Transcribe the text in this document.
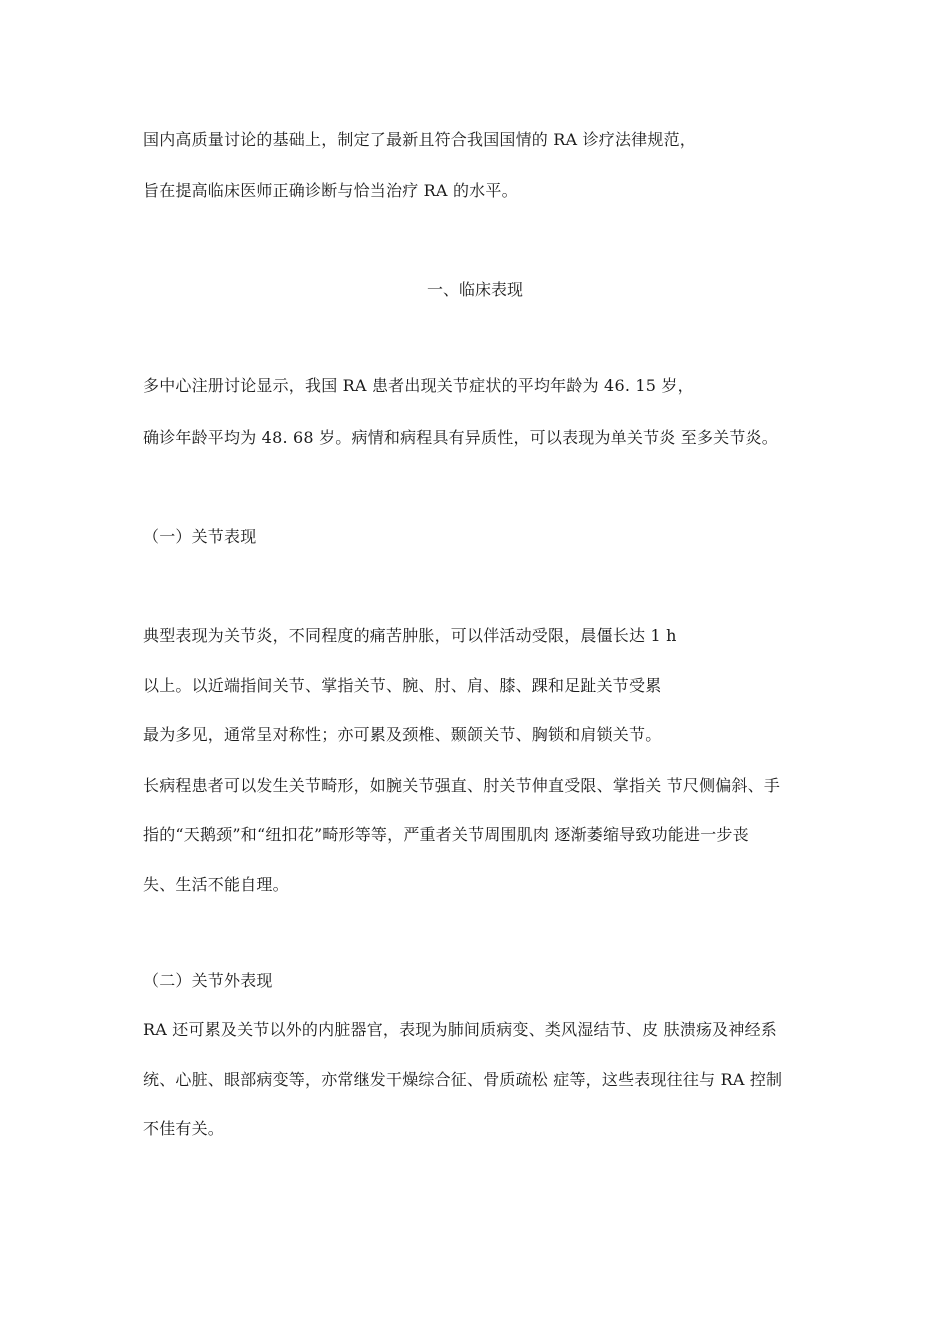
国内高质量讨论的基础上，制定了最新且符合我国国情的 RA 诊疗法律规范，
旨在提高临床医师正确诊断与恰当治疗 RA 的水平。
一、临床表现
多中心注册讨论显示，我国 RA 患者出现关节症状的平均年龄为 46. 15 岁，
确诊年龄平均为 48. 68 岁。病情和病程具有异质性，可以表现为单关节炎 至多关节炎。
（一）关节表现
典型表现为关节炎，不同程度的痛苦肿胀，可以伴活动受限，晨僵长达 1 h
以上。以近端指间关节、掌指关节、腕、肘、肩、膝、踝和足趾关节受累
最为多见，通常呈对称性；亦可累及颈椎、颞颌关节、胸锁和肩锁关节。
长病程患者可以发生关节畸形，如腕关节强直、肘关节伸直受限、掌指关 节尺侧偏斜、手
指的“天鹅颈”和“纽扣花”畸形等等，严重者关节周围肌肉 逐渐萎缩导致功能进一步丧
失、生活不能自理。
（二）关节外表现
RA 还可累及关节以外的内脏器官，表现为肺间质病变、类风湿结节、皮 肤溃疡及神经系
统、心脏、眼部病变等，亦常继发干燥综合征、骨质疏松 症等，这些表现往往与 RA 控制
不佳有关。
